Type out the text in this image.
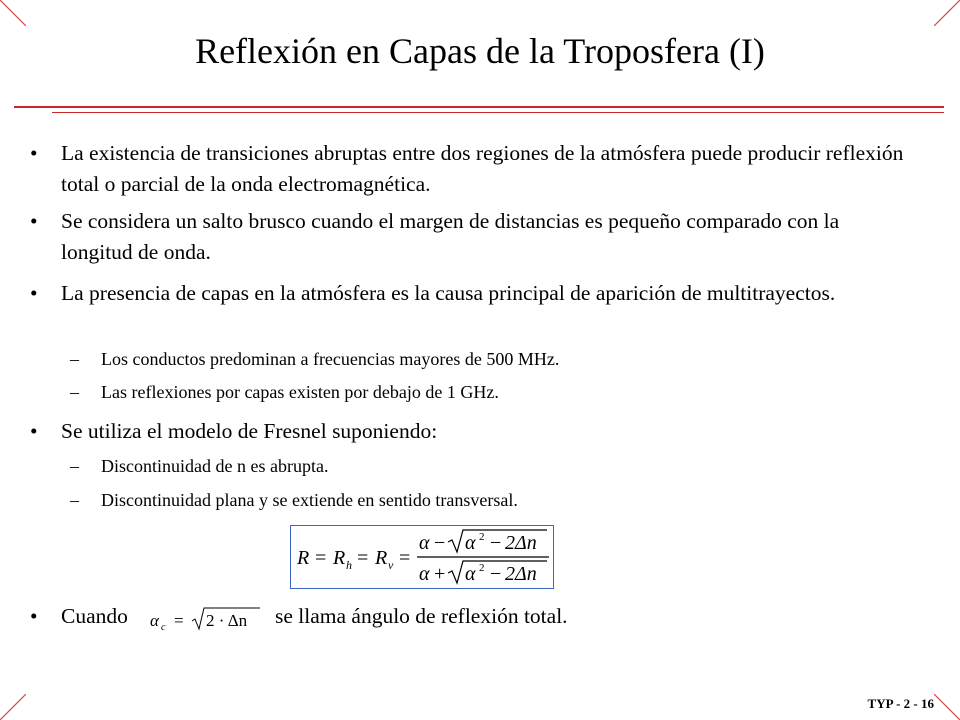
Reflexión en Capas de la Troposfera (I)
• La existencia de transiciones abruptas entre dos regiones de la atmósfera puede producir reflexión total o parcial de la onda electromagnética.
• Se considera un salto brusco cuando el margen de distancias es pequeño comparado con la longitud de onda.
• La presencia de capas en la atmósfera es la causa principal de aparición de multitrayectos.
– Los conductos predominan a frecuencias mayores de 500 MHz.
– Las reflexiones por capas existen por debajo de 1 GHz.
• Se utiliza el modelo de Fresnel suponiendo:
– Discontinuidad de n es abrupta.
– Discontinuidad plana y se extiende en sentido transversal.
R = R h = R v =
α − α 2 − 2Δn
α + α 2 − 2Δn
• Cuando	se llama ángulo de reflexión total.
α c = 2 · Δn
TYP - 2 - 16
